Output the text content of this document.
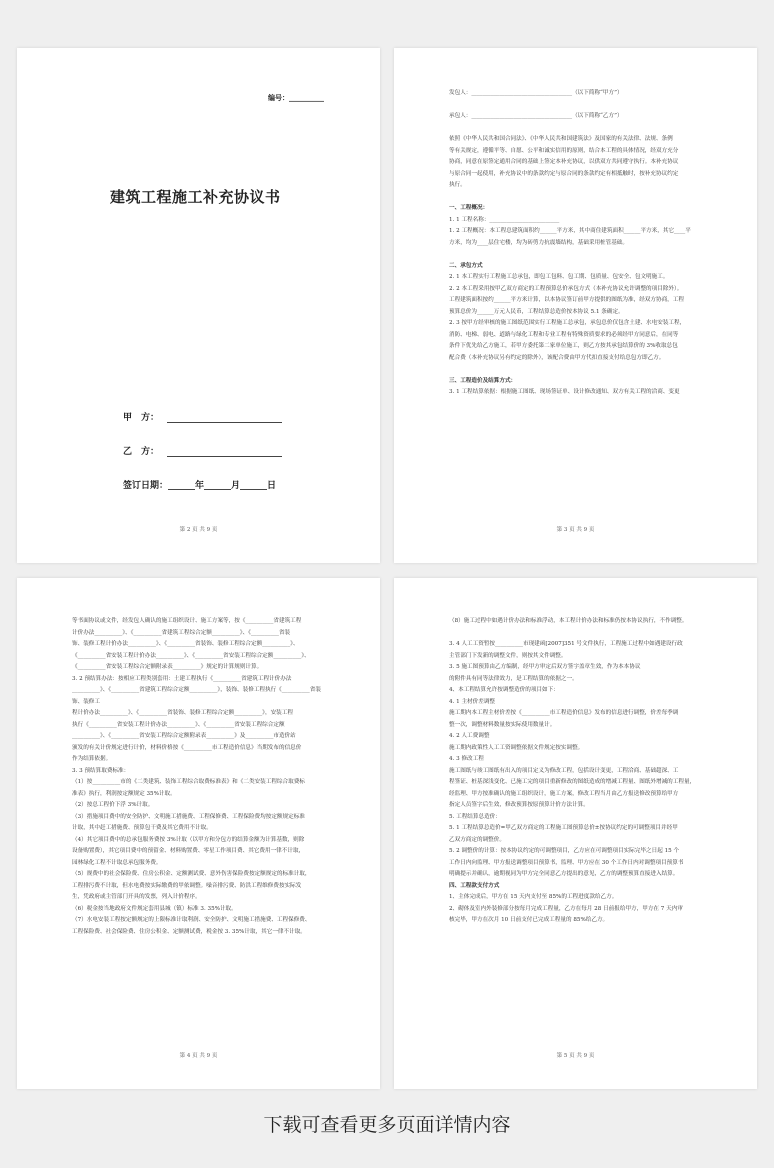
编号：__________
建筑工程施工补充协议书
甲　方：
乙　方：
签订日期：______年______月______日
第 2 页 共 9 页

发包人：____________________________________（以下简称“甲方”）

承包人：____________________________________（以下简称“乙方”）

依照《中华人民共和国合同法》、《中华人民共和国建筑法》及国家的有关法律、法规、条例

等有关规定，遵循平等、自愿、公平和诚实信用的原则，结合本工程的具体情况，经双方充分

协商，同意在原签定通用合同的基础上签定本补充协议，以供双方共同遵守执行。本补充协议

与原合同一起使用，补充协议中的条款约定与原合同的条款约定有相抵触时，按补充协议约定

执行。

一、工程概况：

1. 1 工程名称：_________________________

1. 2 工程概况：本工程总建筑面积约______平方米，其中商住建筑面积______平方米，其它____平

方米，均为____层住宅楼，均为砖剪力抗震墙结构，基础采用桩管基础。

二、承包方式

2. 1 本工程实行工程施工总承包，即包工包料、包工期、包质量、包安全、包文明施工。

2. 2 本工程采用按甲乙双方商定的工程预算总价承包方式（本补充协议允许调整的项目除外）。

工程建筑面积按约______平方米计算，以本协议签订前甲方提供的图纸为准，经双方协商，工程

预算总价为______万元人民币，工程结算总造价按本协议 5.1 条确定。

2. 3 按甲方经审核的施工图纸范围实行工程施工总承包，承包总价仅包含土建、水电安装工程，

消防、电梯、弱电、道路与绿化工程和专业工程有特殊资质要求的必须经甲方同意后，在同等

条件下优先给乙方施工，若甲方委托第二家单位施工，则乙方按其承包结算价的 3%收取总包

配合费（本补充协议另有约定的除外），该配合费由甲方代扣直接支付给总包方即乙方。

三、工程造价及结算方式：

3. 1 工程结算依据：根据施工图纸、现场签证单、设计修改通知、双方有关工程的洽商、变更

第 3 页 共 9 页

等书面协议或文件，经发包人确认的施工组织设计、施工方案等，按《__________省建筑工程

计价办法__________》、《__________省建筑工程综合定额__________》、《__________省装

饰、装修工程计价办法__________》、《__________省装饰、装修工程综合定额__________》、

《__________省安装工程计价办法__________》、《__________省安装工程综合定额__________》、

《__________省安装工程综合定额附录表__________》规定的计算规则计算。

3. 2 预结算办法：按相应工程类别套用：土建工程执行《__________省建筑工程计价办法

__________》、《__________省建筑工程综合定额__________》，装饰、装修工程执行《__________省装饰、装修工

程计价办法__________》、《__________省装饰、装修工程综合定额__________》，安装工程

执行《__________省安装工程计价办法__________》、《__________省安装工程综合定额

__________》、《__________省安装工程综合定额附录表__________》及__________市造价站

颁发的有关计价规定进行计价，材料价格按《__________市工程造价信息》当期发布的信息价

作为结算依据。

3. 3 预结算取费标准：

（1）按__________市的《二类建筑、装饰工程综合取费标准表》和《二类安装工程综合取费标

准表》执行，利润按定额规定 35%计取。

（2）按总工程价下浮 3%计取。

（3）措施项目费中的安全防护、文明施工措施费、工程保修费、工程保险费均按定额规定标准

计取，其中赶工措施费、预算包干费及其它费用不计取。

（4）其它项目费中的总承包服务费按 3%计取（以甲方和分包方的结算金额为计算基数，则除

设备购置费），其它项目费中的预留金、材料购置费、零星工作项目费、其它费用一律不计取，

园林绿化工程不计取总承包服务费。

（5）规费中的社会保险费、住房公积金、定额测试费、意外伤害保险费按定额规定的标准计取，

工程排污费不计取，但水电费按实际缴费的甲依调整。噪音排污费、防洪工程维修费按实际发

生，凭政府或主管部门开具的发票，列入计价程序。

（6）税金按当地政府文件规定套用县城（镇）标准 3. 35%计取。

（7）水电安装工程按定额规定的上限标准计取利润、安全防护、文明施工措施费、工程保修费、

工程保险费、社会保险费、住房公积金、定额测试费，税金按 3. 35%计取，其它一律不计取。

第 4 页 共 9 页

（8）施工过程中如遇计价办法和标准浮动，本工程计价办法和标准仍按本协议执行，不作调整。

3. 4 人工工资暂按__________市现建函[2007]351 号文件执行，工程施工过程中如遇建设行政

主管部门下发新的调整文件，则按其文件调整。

3. 5 施工图预算由乙方编制，经甲方审定后双方签字盖章生效，作为本本协议

的附件具有同等法律效力，是工程结算的依据之一。

4、本工程结算允许按调整造价的项目如下：

4. 1 主材价差调整

施工期内本工程主材价差按《__________市工程造价信息》发布的信息进行调整，价差每季调

整一次，调整材料数量按实际使用数量计。

4. 2 人工费调整

施工期内政策性人工工资调整依据文件规定按实调整。

4. 3 修改工程

施工图纸与竣工图纸有出入的项目定义为修改工程，包括设计变更，工程洽商、基础超深、工

程签证、桩基深浅变化、已施工完的项目重新修改的图纸造成的增减工程量、图纸外增减的工程量，

经监理、甲方按准确认的施工组织设计，施工方案，修改工程当月由乙方报送修改预算给甲方

指定人员签字后生效，修改预算按原预算计价方法计算。

5. 工程结算总造价：

5. 1 工程结算总造价=甲乙双方商定的工程施工图预算总价±按协议约定的可调整项目并经甲

乙双方商定的调整价。

5. 2 调整价的计算：按本协议约定的可调整项目，乙方应在可调整项目实际完毕之日起 15 个

工作日内向监理、甲方报送调整项目预算书，监理、甲方应在 30 个工作日内对调整项目预算书

明确提示并确认，逾期视同为甲方完全同意乙方提出的意见，乙方的调整预算直接进入结算。

四、工程款支付方式

1、主体完成后，甲方在 15 天内支付至 85%的工程进度款给乙方。

2、砌体及室内外装修部分按每月完成工程量，乙方在每月 28 日前报给甲方，甲方在 7 天内审

核完毕，甲方在次月 10 日前支付已完成工程量的 85%给乙方。

第 5 页 共 9 页
下载可查看更多页面详情内容
